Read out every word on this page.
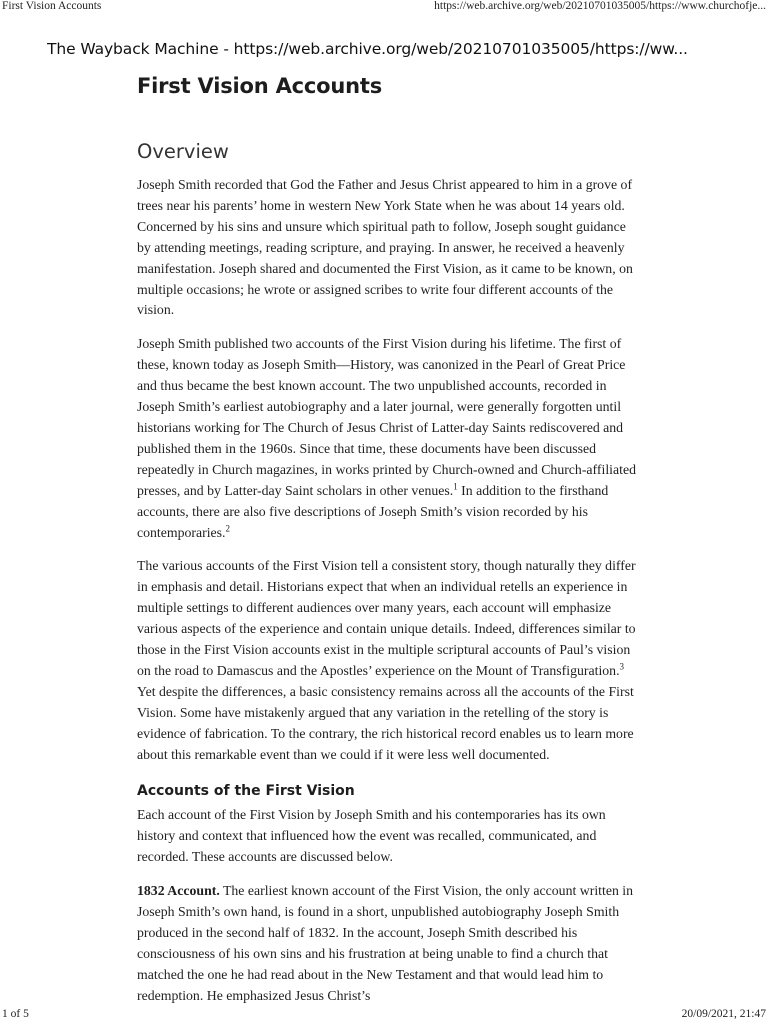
First Vision Accounts	https://web.archive.org/web/20210701035005/https://www.churchofje...
The Wayback Machine - https://web.archive.org/web/20210701035005/https://ww...
First Vision Accounts
Overview

Joseph Smith recorded that God the Father and Jesus Christ appeared to him in a grove of trees near his parents’ home in western New York State when he was about 14 years old. Concerned by his sins and unsure which spiritual path to follow, Joseph sought guidance by attending meetings, reading scripture, and praying. In answer, he received a heavenly manifestation. Joseph shared and documented the First Vision, as it came to be known, on multiple occasions; he wrote or assigned scribes to write four different accounts of the vision.

Joseph Smith published two accounts of the First Vision during his lifetime. The first of these, known today as Joseph Smith—History, was canonized in the Pearl of Great Price and thus became the best known account. The two unpublished accounts, recorded in Joseph Smith’s earliest autobiography and a later journal, were generally forgotten until historians working for The Church of Jesus Christ of Latter-day Saints rediscovered and published them in the 1960s. Since that time, these documents have been discussed repeatedly in Church magazines, in works printed by Church-owned and Church-affiliated presses, and by Latter-day Saint scholars in other venues.$^1$ In addition to the firsthand accounts, there are also five descriptions of Joseph Smith’s vision recorded by his contemporaries.$^2$

The various accounts of the First Vision tell a consistent story, though naturally they differ in emphasis and detail. Historians expect that when an individual retells an experience in multiple settings to different audiences over many years, each account will emphasize various aspects of the experience and contain unique details. Indeed, differences similar to those in the First Vision accounts exist in the multiple scriptural accounts of Paul’s vision on the road to Damascus and the Apostles’ experience on the Mount of Transfiguration.$^3$ Yet despite the differences, a basic consistency remains across all the accounts of the First Vision. Some have mistakenly argued that any variation in the retelling of the story is evidence of fabrication. To the contrary, the rich historical record enables us to learn more about this remarkable event than we could if it were less well documented.

Accounts of the First Vision

Each account of the First Vision by Joseph Smith and his contemporaries has its own history and context that influenced how the event was recalled, communicated, and recorded. These accounts are discussed below.

1832 Account. The earliest known account of the First Vision, the only account written in Joseph Smith’s own hand, is found in a short, unpublished autobiography Joseph Smith produced in the second half of 1832. In the account, Joseph Smith described his consciousness of his own sins and his frustration at being unable to find a church that matched the one he had read about in the New Testament and that would lead him to redemption. He emphasized Jesus Christ’s

1 of 5	20/09/2021, 21:47
